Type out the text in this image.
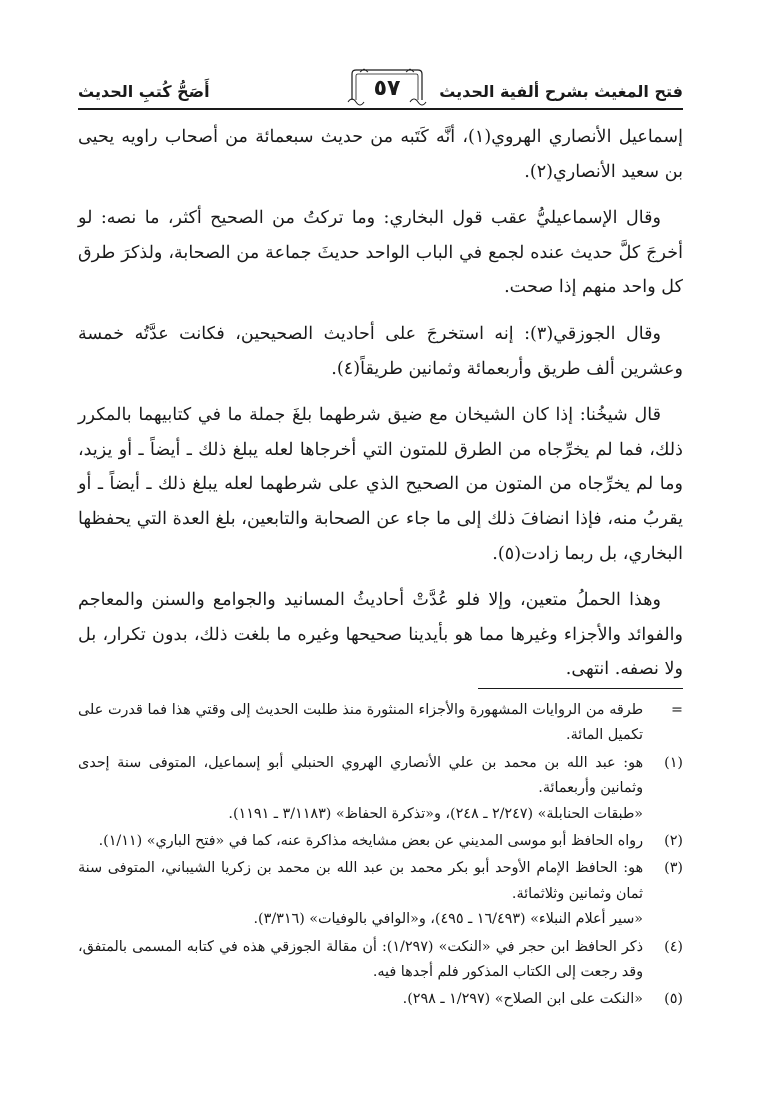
فتح المغيث بشرح ألفية الحديث
٥٧
أَصَحُّ كُتبِ الحديث

إسماعيل الأنصاري الهروي(١)، أنَّه كَتَبه من حديث سبعمائة من أصحاب راويه يحيى بن سعيد الأنصاري(٢).

وقال الإسماعيليُّ عقب قول البخاري: وما تركتُ من الصحيح أكثر، ما نصه: لو أخرجَ كلَّ حديث عنده لجمع في الباب الواحد حديثَ جماعة من الصحابة، ولذكرَ طرق كل واحد منهم إذا صحت.

وقال الجوزقي(٣): إنه استخرجَ على أحاديث الصحيحين، فكانت عدَّتُه خمسة وعشرين ألف طريق وأربعمائة وثمانين طريقاً(٤).

قال شيخُنا: إذا كان الشيخان مع ضيق شرطهما بلغَ جملة ما في كتابيهما بالمكرر ذلك، فما لم يخرِّجاه من الطرق للمتون التي أخرجاها لعله يبلغ ذلك ـ أيضاً ـ أو يزيد، وما لم يخرِّجاه من المتون من الصحيح الذي على شرطهما لعله يبلغ ذلك ـ أيضاً ـ أو يقربُ منه، فإذا انضافَ ذلك إلى ما جاء عن الصحابة والتابعين، بلغ العدة التي يحفظها البخاري، بل ربما زادت(٥).

وهذا الحملُ متعين، وإلا فلو عُدَّتْ أحاديثُ المسانيد والجوامع والسنن والمعاجم والفوائد والأجزاء وغيرها مما هو بأيدينا صحيحها وغيره ما بلغت ذلك، بدون تكرار، بل ولا نصفه. انتهى.

=
طرقه من الروايات المشهورة والأجزاء المنثورة منذ طلبت الحديث إلى وقتي هذا فما قدرت على تكميل المائة.
(١)
هو: عبد الله بن محمد بن علي الأنصاري الهروي الحنبلي أبو إسماعيل، المتوفى سنة إحدى وثمانين وأربعمائة.
«طبقات الحنابلة» (٢/٢٤٧ ـ ٢٤٨)، و«تذكرة الحفاظ» (٣/١١٨٣ ـ ١١٩١).
(٢)
رواه الحافظ أبو موسى المديني عن بعض مشايخه مذاكرة عنه، كما في «فتح الباري» (١/١١).
(٣)
هو: الحافظ الإمام الأوحد أبو بكر محمد بن عبد الله بن محمد بن زكريا الشيباني، المتوفى سنة ثمان وثمانين وثلاثمائة.
«سير أعلام النبلاء» (١٦/٤٩٣ ـ ٤٩٥)، و«الوافي بالوفيات» (٣/٣١٦).
(٤)
ذكر الحافظ ابن حجر في «النكت» (١/٢٩٧): أن مقالة الجوزقي هذه في كتابه المسمى بالمتفق، وقد رجعت إلى الكتاب المذكور فلم أجدها فيه.
(٥)
«النكت على ابن الصلاح» (١/٢٩٧ ـ ٢٩٨).
